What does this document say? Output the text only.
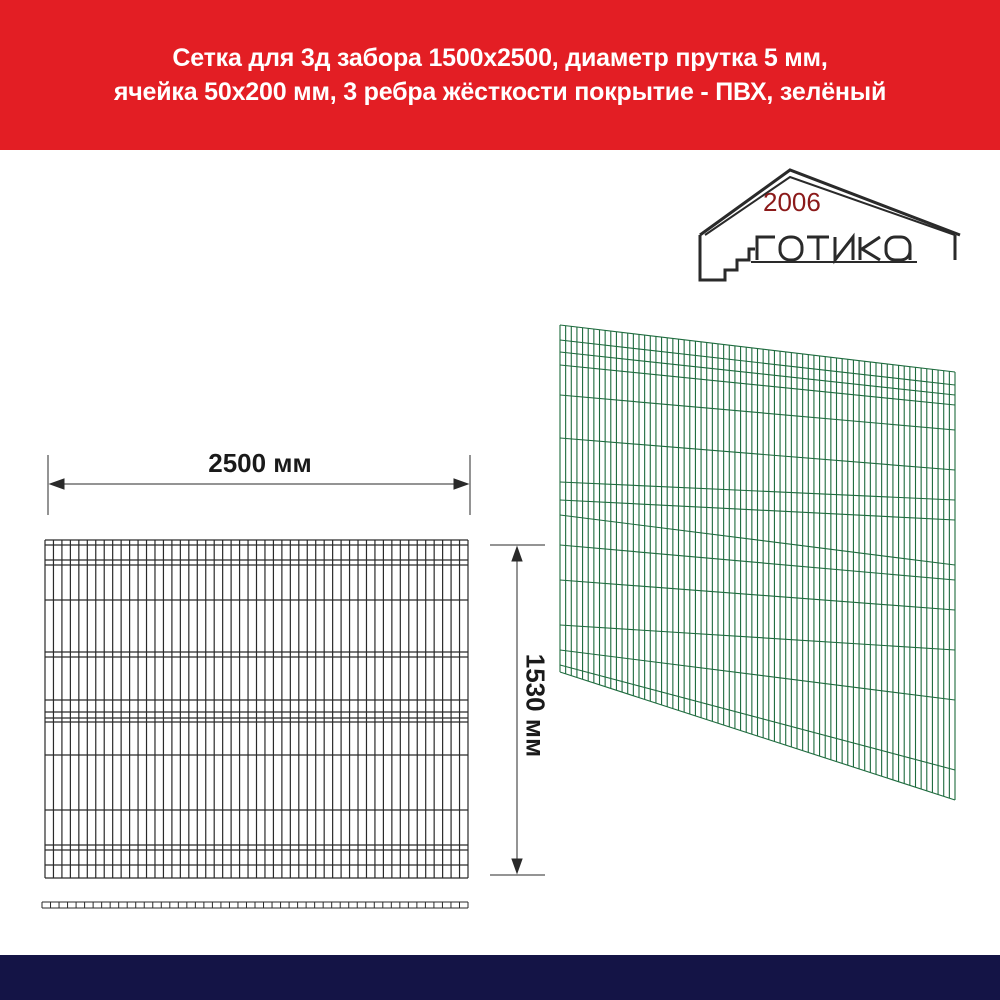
Сетка для 3д забора 1500x2500, диаметр прутка 5 мм,
ячейка 50x200 мм, 3 ребра жёсткости покрытие - ПВХ, зелёный
2006
2500 мм
1530 мм
